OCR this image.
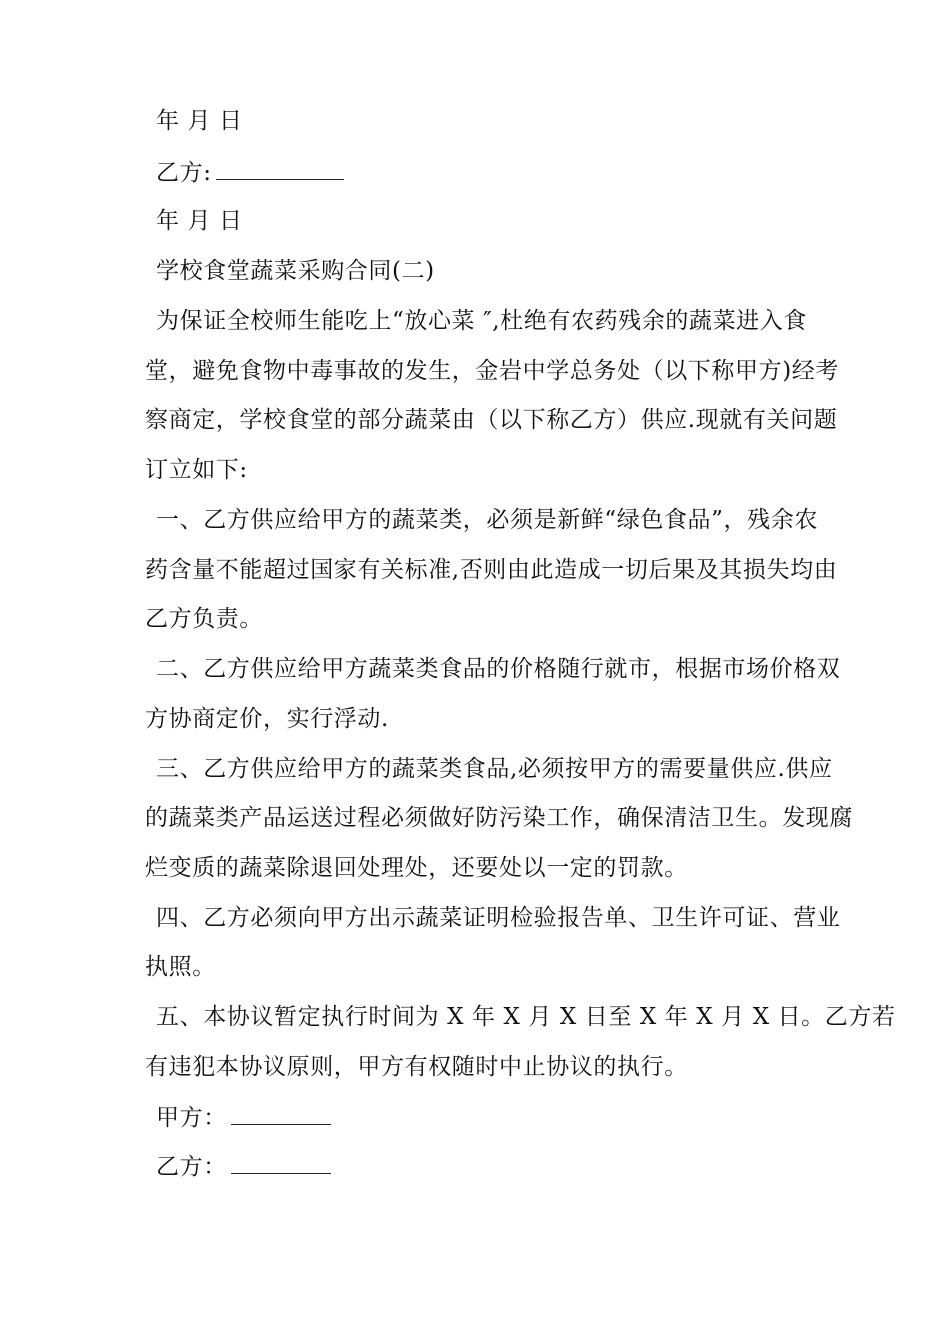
年 月 日
乙方:
年 月 日
学校食堂蔬菜采购合同(二)
为保证全校师生能吃上“放心菜 ″,杜绝有农药残余的蔬菜进入食
堂，避免食物中毒事故的发生，金岩中学总务处（以下称甲方)经考
察商定，学校食堂的部分蔬菜由（以下称乙方）供应.现就有关问题
订立如下:
一、乙方供应给甲方的蔬菜类，必须是新鲜“绿色食品”，残余农
药含量不能超过国家有关标准,否则由此造成一切后果及其损失均由
乙方负责。
二、乙方供应给甲方蔬菜类食品的价格随行就市，根据市场价格双
方协商定价，实行浮动.
三、乙方供应给甲方的蔬菜类食品,必须按甲方的需要量供应.供应
的蔬菜类产品运送过程必须做好防污染工作，确保清洁卫生。发现腐
烂变质的蔬菜除退回处理处，还要处以一定的罚款。
四、乙方必须向甲方出示蔬菜证明检验报告单、卫生许可证、营业
执照。
五、本协议暂定执行时间为 X 年 X 月 X 日至 X 年 X 月 X 日。乙方若
有违犯本协议原则，甲方有权随时中止协议的执行。
甲方：
乙方：
